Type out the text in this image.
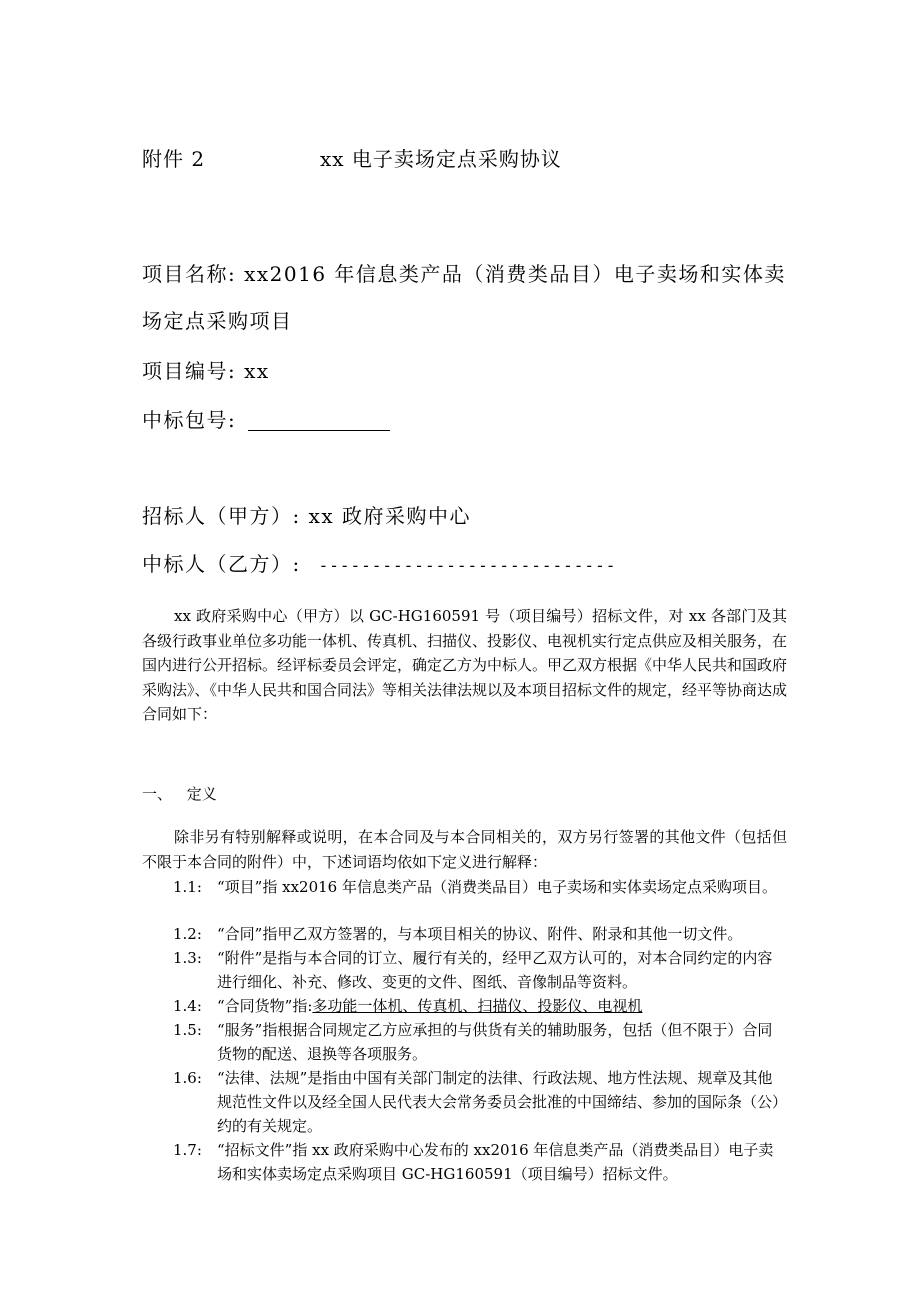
附件 2	xx 电子卖场定点采购协议
项目名称: xx2016 年信息类产品（消费类品目）电子卖场和实体卖
场定点采购项目
项目编号: xx
中标包号:
招标人（甲方）: xx 政府采购中心
中标人（乙方）: ----------------------------
xx 政府采购中心（甲方）以 GC-HG160591 号（项目编号）招标文件，对 xx 各部门及其各级行政事业单位多功能一体机、传真机、扫描仪、投影仪、电视机实行定点供应及相关服务，在国内进行公开招标。经评标委员会评定，确定乙方为中标人。甲乙双方根据《中华人民共和国政府采购法》、《中华人民共和国合同法》等相关法律法规以及本项目招标文件的规定，经平等协商达成合同如下：
一、 定义
除非另有特别解释或说明，在本合同及与本合同相关的，双方另行签署的其他文件（包括但不限于本合同的附件）中，下述词语均依如下定义进行解释：
1.1:	“项目”指 xx2016 年信息类产品（消费类品目）电子卖场和实体卖场定点采购项目。
1.2:	“合同”指甲乙双方签署的，与本项目相关的协议、附件、附录和其他一切文件。
1.3:	“附件”是指与本合同的订立、履行有关的，经甲乙双方认可的，对本合同约定的内容进行细化、补充、修改、变更的文件、图纸、音像制品等资料。
1.4:	“合同货物”指:多功能一体机、传真机、扫描仪、投影仪、电视机
1.5:	“服务”指根据合同规定乙方应承担的与供货有关的辅助服务，包括（但不限于）合同货物的配送、退换等各项服务。
1.6:	“法律、法规”是指由中国有关部门制定的法律、行政法规、地方性法规、规章及其他规范性文件以及经全国人民代表大会常务委员会批准的中国缔结、参加的国际条（公）约的有关规定。
1.7:	“招标文件”指 xx 政府采购中心发布的 xx2016 年信息类产品（消费类品目）电子卖场和实体卖场定点采购项目 GC-HG160591（项目编号）招标文件。
